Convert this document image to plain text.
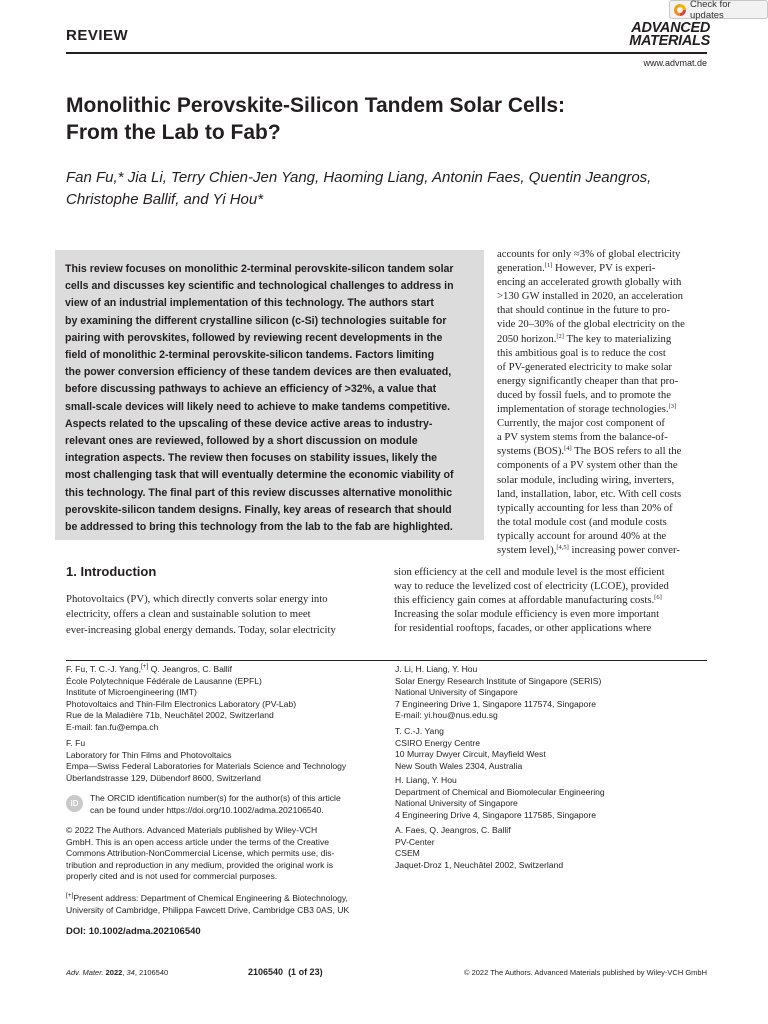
Check for updates
REVIEW	ADVANCED
MATERIALS
www.advmat.de
Monolithic Perovskite-Silicon Tandem Solar Cells:
From the Lab to Fab?
Fan Fu,* Jia Li, Terry Chien-Jen Yang, Haoming Liang, Antonin Faes, Quentin Jeangros,
Christophe Ballif, and Yi Hou*
This review focuses on monolithic 2-terminal perovskite-silicon tandem solar
cells and discusses key scientific and technological challenges to address in
view of an industrial implementation of this technology. The authors start
by examining the different crystalline silicon (c-Si) technologies suitable for
pairing with perovskites, followed by reviewing recent developments in the
field of monolithic 2-terminal perovskite-silicon tandems. Factors limiting
the power conversion efficiency of these tandem devices are then evaluated,
before discussing pathways to achieve an efficiency of >32%, a value that
small-scale devices will likely need to achieve to make tandems competitive.
Aspects related to the upscaling of these device active areas to industry-
relevant ones are reviewed, followed by a short discussion on module
integration aspects. The review then focuses on stability issues, likely the
most challenging task that will eventually determine the economic viability of
this technology. The final part of this review discusses alternative monolithic
perovskite-silicon tandem designs. Finally, key areas of research that should
be addressed to bring this technology from the lab to the fab are highlighted.
accounts for only ≈3% of global electricity
generation.[1] However, PV is experi-
encing an accelerated growth globally with
>130 GW installed in 2020, an acceleration
that should continue in the future to pro-
vide 20–30% of the global electricity on the
2050 horizon.[2] The key to materializing
this ambitious goal is to reduce the cost
of PV-generated electricity to make solar
energy significantly cheaper than that pro-
duced by fossil fuels, and to promote the
implementation of storage technologies.[3]
Currently, the major cost component of
a PV system stems from the balance-of-
systems (BOS).[4] The BOS refers to all the
components of a PV system other than the
solar module, including wiring, inverters,
land, installation, labor, etc. With cell costs
typically accounting for less than 20% of
the total module cost (and module costs
typically account for around 40% at the
system level),[4,5] increasing power conver-
sion efficiency at the cell and module level is the most efficient
way to reduce the levelized cost of electricity (LCOE), provided
this efficiency gain comes at affordable manufacturing costs.[6]
Increasing the solar module efficiency is even more important
for residential rooftops, facades, or other applications where
1. Introduction
Photovoltaics (PV), which directly converts solar energy into
electricity, offers a clean and sustainable solution to meet
ever-increasing global energy demands. Today, solar electricity
F. Fu, T. C.-J. Yang,[+] Q. Jeangros, C. Ballif
École Polytechnique Fédérale de Lausanne (EPFL)
Institute of Microengineering (IMT)
Photovoltaics and Thin-Film Electronics Laboratory (PV-Lab)
Rue de la Maladière 71b, Neuchâtel 2002, Switzerland
E-mail: fan.fu@empa.ch
F. Fu
Laboratory for Thin Films and Photovoltaics
Empa—Swiss Federal Laboratories for Materials Science and Technology
Überlandstrasse 129, Dübendorf 8600, Switzerland
iD
The ORCID identification number(s) for the author(s) of this article
can be found under https://doi.org/10.1002/adma.202106540.
© 2022 The Authors. Advanced Materials published by Wiley-VCH
GmbH. This is an open access article under the terms of the Creative
Commons Attribution-NonCommercial License, which permits use, dis-
tribution and reproduction in any medium, provided the original work is
properly cited and is not used for commercial purposes.
[+]Present address: Department of Chemical Engineering & Biotechnology,
University of Cambridge, Philippa Fawcett Drive, Cambridge CB3 0AS, UK
J. Li, H. Liang, Y. Hou
Solar Energy Research Institute of Singapore (SERIS)
National University of Singapore
7 Engineering Drive 1, Singapore 117574, Singapore
E-mail: yi.hou@nus.edu.sg
T. C.-J. Yang
CSIRO Energy Centre
10 Murray Dwyer Circuit, Mayfield West
New South Wales 2304, Australia
H. Liang, Y. Hou
Department of Chemical and Biomolecular Engineering
National University of Singapore
4 Engineering Drive 4, Singapore 117585, Singapore
A. Faes, Q. Jeangros, C. Ballif
PV-Center
CSEM
Jaquet-Droz 1, Neuchâtel 2002, Switzerland
DOI: 10.1002/adma.202106540
Adv. Mater. 2022, 34, 2106540	2106540 (1 of 23)	© 2022 The Authors. Advanced Materials published by Wiley-VCH GmbH
